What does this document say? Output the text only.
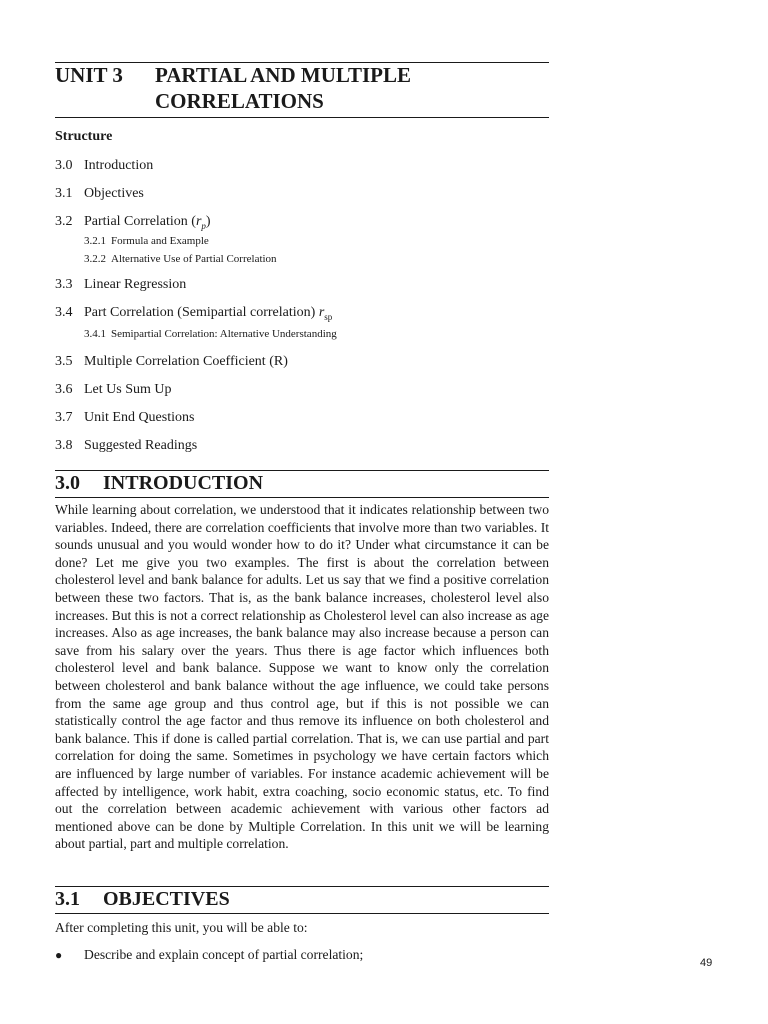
UNIT 3 PARTIAL AND MULTIPLE
CORRELATIONS
Structure
3.0 Introduction
3.1 Objectives
3.2 Partial Correlation $(r_p)$
3.2.1 Formula and Example
3.2.2 Alternative Use of Partial Correlation
3.3 Linear Regression
3.4 Part Correlation (Semipartial correlation) $r_{sp}$
3.4.1 Semipartial Correlation: Alternative Understanding
3.5 Multiple Correlation Coefficient (R)
3.6 Let Us Sum Up
3.7 Unit End Questions
3.8 Suggested Readings
3.0 INTRODUCTION

While learning about correlation, we understood that it indicates relationship between two variables. Indeed, there are correlation coefficients that involve more than two variables. It sounds unusual and you would wonder how to do it? Under what circumstance it can be done? Let me give you two examples. The first is about the correlation between cholesterol level and bank balance for adults. Let us say that we find a positive correlation between these two factors. That is, as the bank balance increases, cholesterol level also increases. But this is not a correct relationship as Cholesterol level can also increase as age increases. Also as age increases, the bank balance may also increase because a person can save from his salary over the years. Thus there is age factor which influences both cholesterol level and bank balance. Suppose we want to know only the correlation between cholesterol and bank balance without the age influence, we could take persons from the same age group and thus control age, but if this is not possible we can statistically control the age factor and thus remove its influence on both cholesterol and bank balance. This if done is called partial correlation. That is, we can use partial and part correlation for doing the same. Sometimes in psychology we have certain factors which are influenced by large number of variables. For instance academic achievement will be affected by intelligence, work habit, extra coaching, socio economic status, etc. To find out the correlation between academic achievement with various other factors ad mentioned above can be done by Multiple Correlation. In this unit we will be learning about partial, part and multiple correlation.

3.1 OBJECTIVES

After completing this unit, you will be able to:

● Describe and explain concept of partial correlation;
49
